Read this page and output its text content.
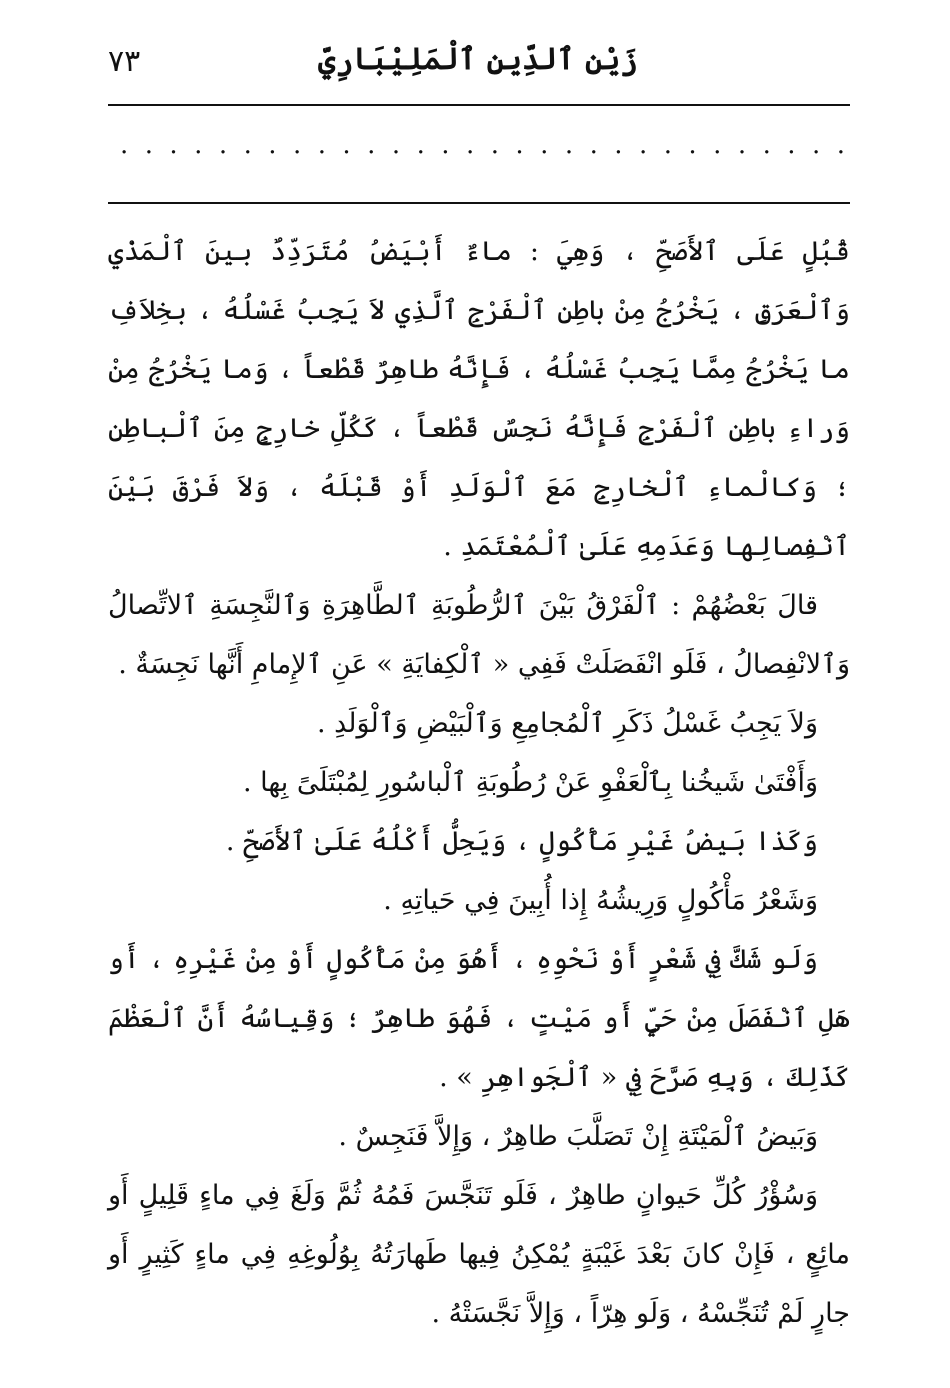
زَيْن ٱلدِّينِ ٱلْمَلِيْبَارِيّ
٧٣
. . . . . . . . . . . . . . . . . . . . . . . . . . . . . .

قُبُلٍ عَلَى ٱلأَصَحِّ ، وَهِيَ : ماءٌ أَبْيَضُ مُتَرَدِّدٌ بينَ ٱلْمَذْيِ وَٱلْعَرَقِ ، يَخْرُجُ مِنْ باطِنِ ٱلْفَرْجِ ٱلَّذِي لاَ يَجِبُ غَسْلُهُ ، بخِلاَفِ ما يَخْرُجُ مِمَّا يَجِبُ غَسْلُهُ ، فَإِنَّهُ طاهِرٌ قَطْعاً ، وَما يَخْرُجُ مِنْ وَراءِ باطِنِ ٱلْفَرْجِ فَإِنَّهُ نَجِسٌ قَطْعاً ، كَكُلِّ خارِجٍ مِنَ ٱلْباطِنِ ؛ وَكالْماءِ ٱلْخارِجِ مَعَ ٱلْوَلَدِ أَوْ قَبْلَهُ ، وَلاَ فَرْقَ بَيْنَ ٱنْفِصالِها وَعَدَمِهِ عَلَىٰ ٱلْمُعْتَمَدِ .

قالَ بَعْضُهُمْ : ٱلْفَرْقُ بَيْنَ ٱلرُّطُوبَةِ ٱلطَّاهِرَةِ وَٱلنَّجِسَةِ ٱلاتِّصالُ وَٱلانْفِصالُ ، فَلَو انْفَصَلَتْ فَفِي « ٱلْكِفايَةِ » عَنِ ٱلإِمامِ أَنَّها نَجِسَةٌ .

وَلاَ يَجِبُ غَسْلُ ذَكَرِ ٱلْمُجامِعِ وَٱلْبَيْضِ وَٱلْوَلَدِ .

وَأَفْتَىٰ شَيخُنا بِٱلْعَفْوِ عَنْ رُطُوبَةِ ٱلْباسُورِ لِمُبْتَلَىً بِها .

وَكَذا بَيضُ غَيْرِ مَأْكُولٍ ، وَيَحِلُّ أَكْلُهُ عَلَىٰ ٱلأَصَحِّ .

وَشَعْرُ مَأْكُولٍ وَرِيشُهُ إِذا أُبِينَ فِي حَياتِهِ .

وَلَو شَكَّ فِي شَعْرٍ أَوْ نَحْوِهِ ، أَهُوَ مِنْ مَأْكُولٍ أَوْ مِنْ غَيْرِهِ ، أَو هَلِ ٱنْفَصَلَ مِنْ حَيٍّ أَو مَيْتٍ ، فَهُوَ طاهِرٌ ؛ وَقِياسُهُ أَنَّ ٱلْعَظْمَ كَذَلِكَ ، وَبِهِ صَرَّحَ فِي « ٱلْجَواهِرِ » .

وَبَيضُ ٱلْمَيْتَةِ إِنْ تَصَلَّبَ طاهِرٌ ، وَإِلاَّ فَنَجِسٌ .

وَسُؤْرُ كُلِّ حَيوانٍ طاهِرٌ ، فَلَو تَنَجَّسَ فَمُهُ ثُمَّ وَلَغَ فِي ماءٍ قَلِيلٍ أَو مائِعٍ ، فَإِنْ كانَ بَعْدَ غَيْبَةٍ يُمْكِنُ فِيها طَهارَتُهُ بِوُلُوغِهِ فِي ماءٍ كَثِيرٍ أَو جارٍ لَمْ تُنَجِّسْهُ ، وَلَو هِرّاً ، وَإِلاَّ نَجَّسَتْهُ .
